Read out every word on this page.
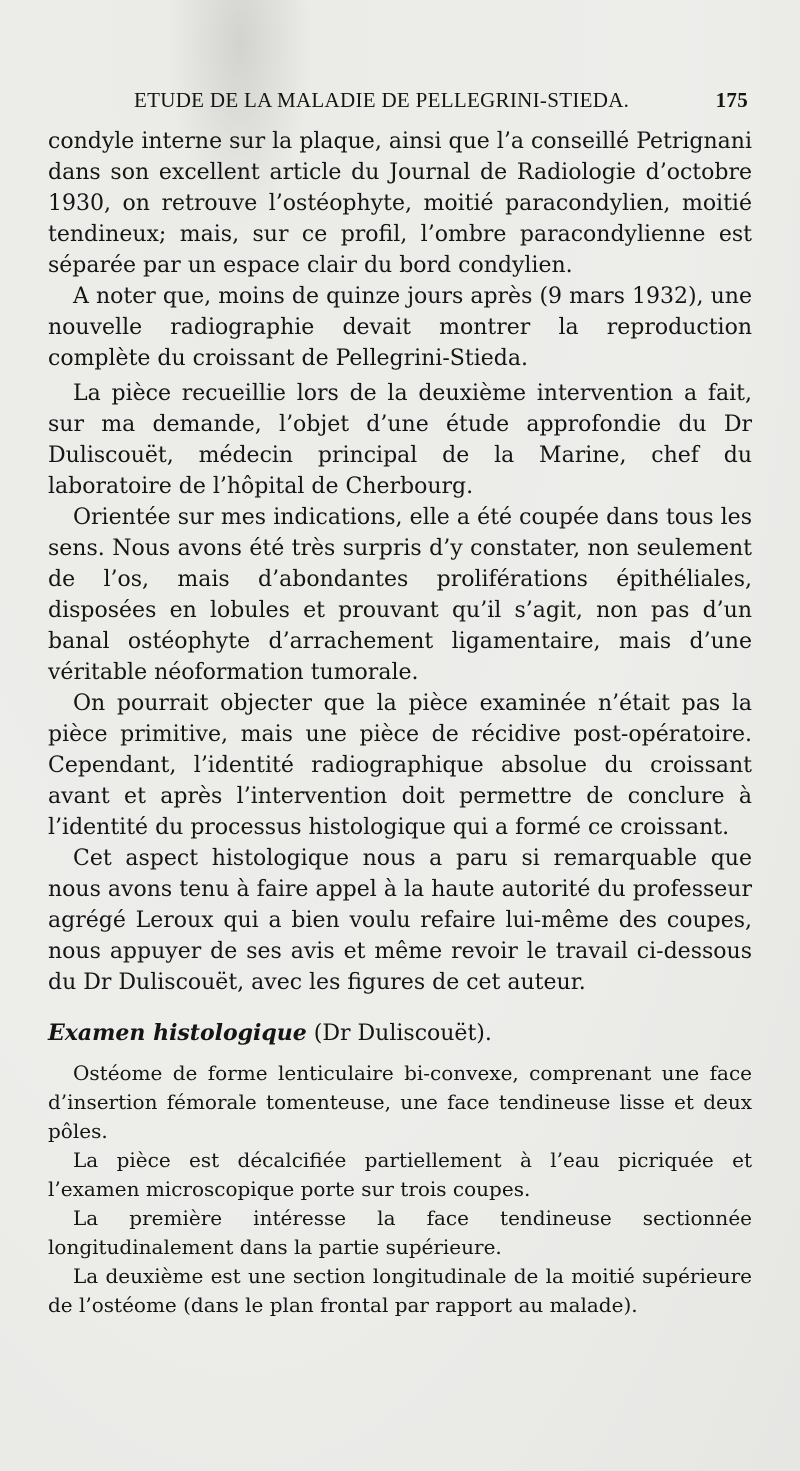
ETUDE DE LA MALADIE DE PELLEGRINI-STIEDA.	175

condyle interne sur la plaque, ainsi que l’a conseillé Petrignani dans son excellent article du Journal de Radiologie d’octobre 1930, on retrouve l’ostéophyte, moitié paracondylien, moitié tendineux; mais, sur ce profil, l’ombre paracondylienne est séparée par un espace clair du bord condylien.

A noter que, moins de quinze jours après (9 mars 1932), une nouvelle radiographie devait montrer la reproduction complète du croissant de Pellegrini-Stieda.

La pièce recueillie lors de la deuxième intervention a fait, sur ma demande, l’objet d’une étude approfondie du Dr Duliscouët, médecin principal de la Marine, chef du laboratoire de l’hôpital de Cherbourg.

Orientée sur mes indications, elle a été coupée dans tous les sens. Nous avons été très surpris d’y constater, non seulement de l’os, mais d’abondantes proliférations épithéliales, disposées en lobules et prouvant qu’il s’agit, non pas d’un banal ostéophyte d’arrachement ligamentaire, mais d’une véritable néoformation tumorale.

On pourrait objecter que la pièce examinée n’était pas la pièce primitive, mais une pièce de récidive post-opératoire. Cependant, l’identité radiographique absolue du croissant avant et après l’intervention doit permettre de conclure à l’identité du processus histologique qui a formé ce croissant.

Cet aspect histologique nous a paru si remarquable que nous avons tenu à faire appel à la haute autorité du professeur agrégé Leroux qui a bien voulu refaire lui-même des coupes, nous appuyer de ses avis et même revoir le travail ci-dessous du Dr Duliscouët, avec les figures de cet auteur.

Examen histologique (Dr Duliscouët).

Ostéome de forme lenticulaire bi-convexe, comprenant une face d’insertion fémorale tomenteuse, une face tendineuse lisse et deux pôles.

La pièce est décalcifiée partiellement à l’eau picriquée et l’examen microscopique porte sur trois coupes.

La première intéresse la face tendineuse sectionnée longitudinalement dans la partie supérieure.

La deuxième est une section longitudinale de la moitié supérieure de l’ostéome (dans le plan frontal par rapport au malade).
